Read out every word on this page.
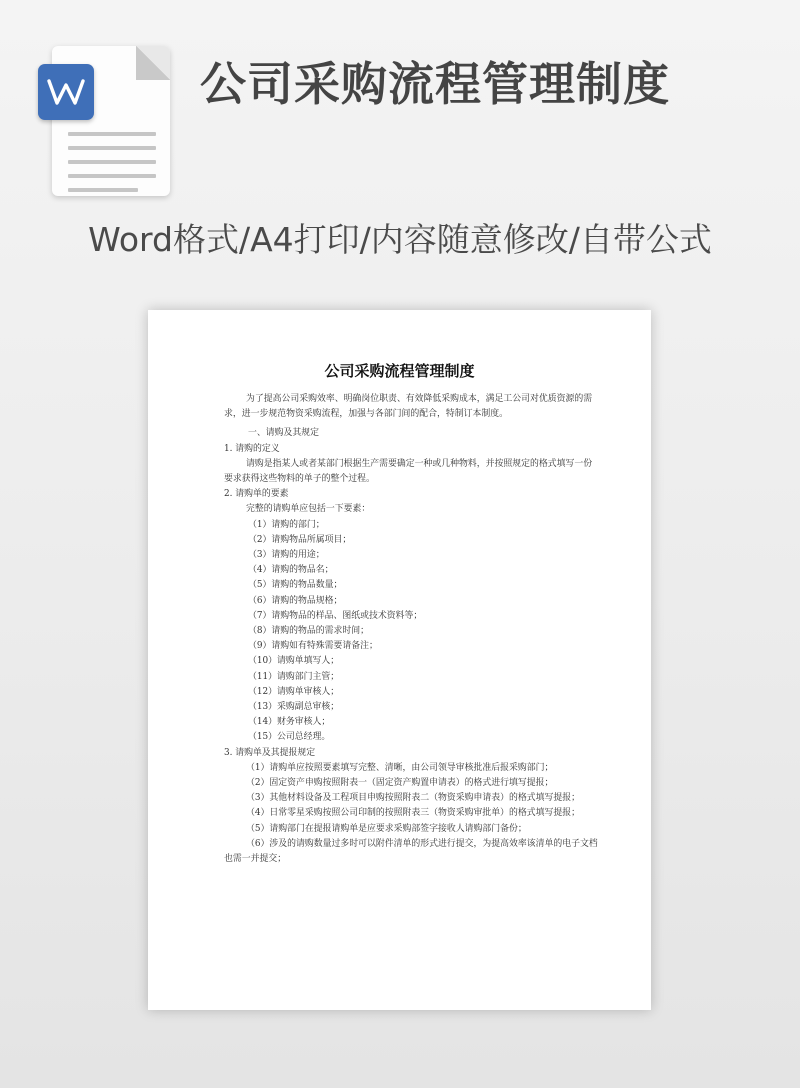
公司采购流程管理制度
Word格式/A4打印/内容随意修改/自带公式
公司采购流程管理制度

为了提高公司采购效率、明确岗位职责、有效降低采购成本，满足工公司对优质资源的需求，进一步规范物资采购流程，加强与各部门间的配合，特制订本制度。

一、请购及其规定

1. 请购的定义

请购是指某人或者某部门根据生产需要确定一种或几种物料，并按照规定的格式填写一份要求获得这些物料的单子的整个过程。

2. 请购单的要素

完整的请购单应包括一下要素：

（1）请购的部门；

（2）请购物品所属项目；

（3）请购的用途；

（4）请购的物品名；

（5）请购的物品数量；

（6）请购的物品规格；

（7）请购物品的样品、图纸或技术资料等；

（8）请购的物品的需求时间；

（9）请购如有特殊需要请备注；

（10）请购单填写人；

（11）请购部门主管；

（12）请购单审核人；

（13）采购副总审核；

（14）财务审核人；

（15）公司总经理。

3. 请购单及其提报规定

（1）请购单应按照要素填写完整、清晰，由公司领导审核批准后报采购部门；

（2）固定资产申购按照附表一（固定资产购置申请表）的格式进行填写提报；

（3）其他材料设备及工程项目申购按照附表二（物资采购申请表）的格式填写提报；

（4）日常零星采购按照公司印制的按照附表三（物资采购审批单）的格式填写提报；

（5）请购部门在提报请购单是应要求采购部签字接收人请购部门备份；

（6）涉及的请购数量过多时可以附件清单的形式进行提交，为提高效率该清单的电子文档也需一并提交；
